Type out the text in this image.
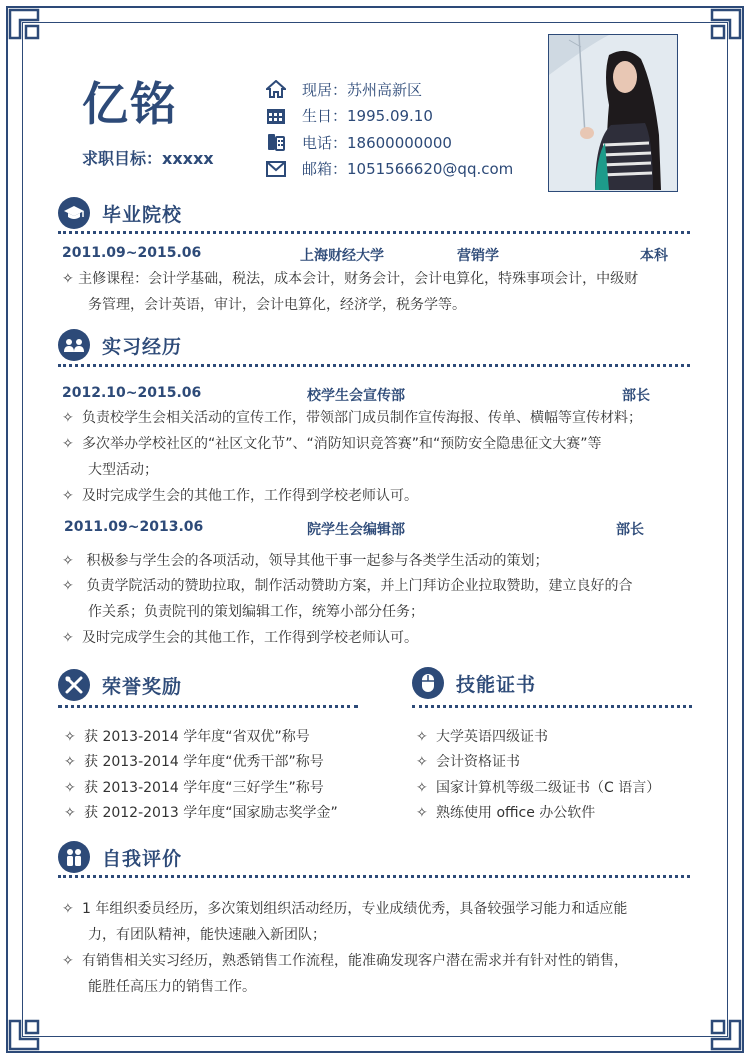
亿铭
求职目标：xxxxx
现居：苏州高新区
生日：1995.09.10
电话：18600000000
邮箱：1051566620@qq.com
毕业院校
2011.09~2015.06	上海财经大学	营销学	本科
✧ 主修课程：会计学基础，税法，成本会计，财务会计，会计电算化，特殊事项会计，中级财
务管理，会计英语，审计，会计电算化，经济学，税务学等。
实习经历
2012.10~2015.06	校学生会宣传部	部长
✧ 负责校学生会相关活动的宣传工作，带领部门成员制作宣传海报、传单、横幅等宣传材料；
✧ 多次举办学校社区的“社区文化节”、“消防知识竞答赛”和“预防安全隐患征文大赛”等
大型活动；
✧ 及时完成学生会的其他工作，工作得到学校老师认可。
2011.09~2013.06	院学生会编辑部	部长
✧ 积极参与学生会的各项活动，领导其他干事一起参与各类学生活动的策划；
✧ 负责学院活动的赞助拉取，制作活动赞助方案，并上门拜访企业拉取赞助，建立良好的合
作关系；负责院刊的策划编辑工作，统筹小部分任务；
✧ 及时完成学生会的其他工作，工作得到学校老师认可。
荣誉奖励
✧ 获 2013-2014 学年度“省双优”称号
✧ 获 2013-2014 学年度“优秀干部”称号
✧ 获 2013-2014 学年度“三好学生”称号
✧ 获 2012-2013 学年度“国家励志奖学金”
技能证书
✧ 大学英语四级证书
✧ 会计资格证书
✧ 国家计算机等级二级证书（C 语言）
✧ 熟练使用 office 办公软件
自我评价
✧ 1 年组织委员经历，多次策划组织活动经历，专业成绩优秀，具备较强学习能力和适应能
力，有团队精神，能快速融入新团队；
✧ 有销售相关实习经历，熟悉销售工作流程，能准确发现客户潜在需求并有针对性的销售，
能胜任高压力的销售工作。
